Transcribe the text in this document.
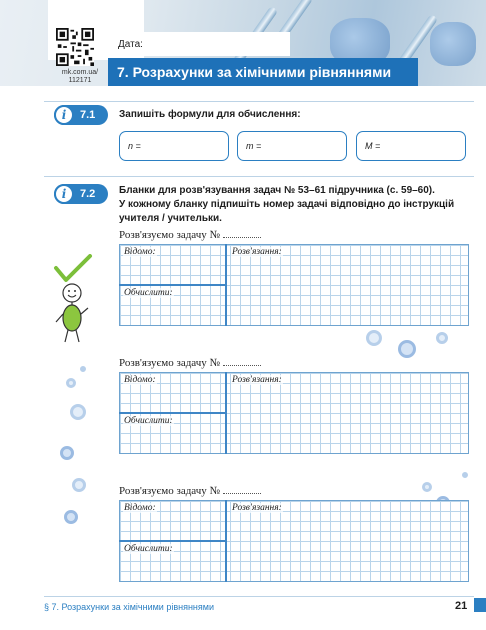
mk.com.ua/
112171
Дата:
7. Розрахунки за хімічними рівняннями
i	7.1 Запишіть формули для обчислення:
n =	m =	M =
i	7.2 Бланки для розв'язування задач № 53–61 підручника (с. 59–60).
У кожному бланку підпишіть номер задачі відповідно до інструкцій
учителя / учительки.
Розв'язуємо задачу №
Відомо:	Розв'язання:
Обчислити:
Розв'язуємо задачу №
Відомо:	Розв'язання:
Обчислити:
Розв'язуємо задачу №
Відомо:	Розв'язання:
Обчислити:
§ 7. Розрахунки за хімічними рівняннями	21
